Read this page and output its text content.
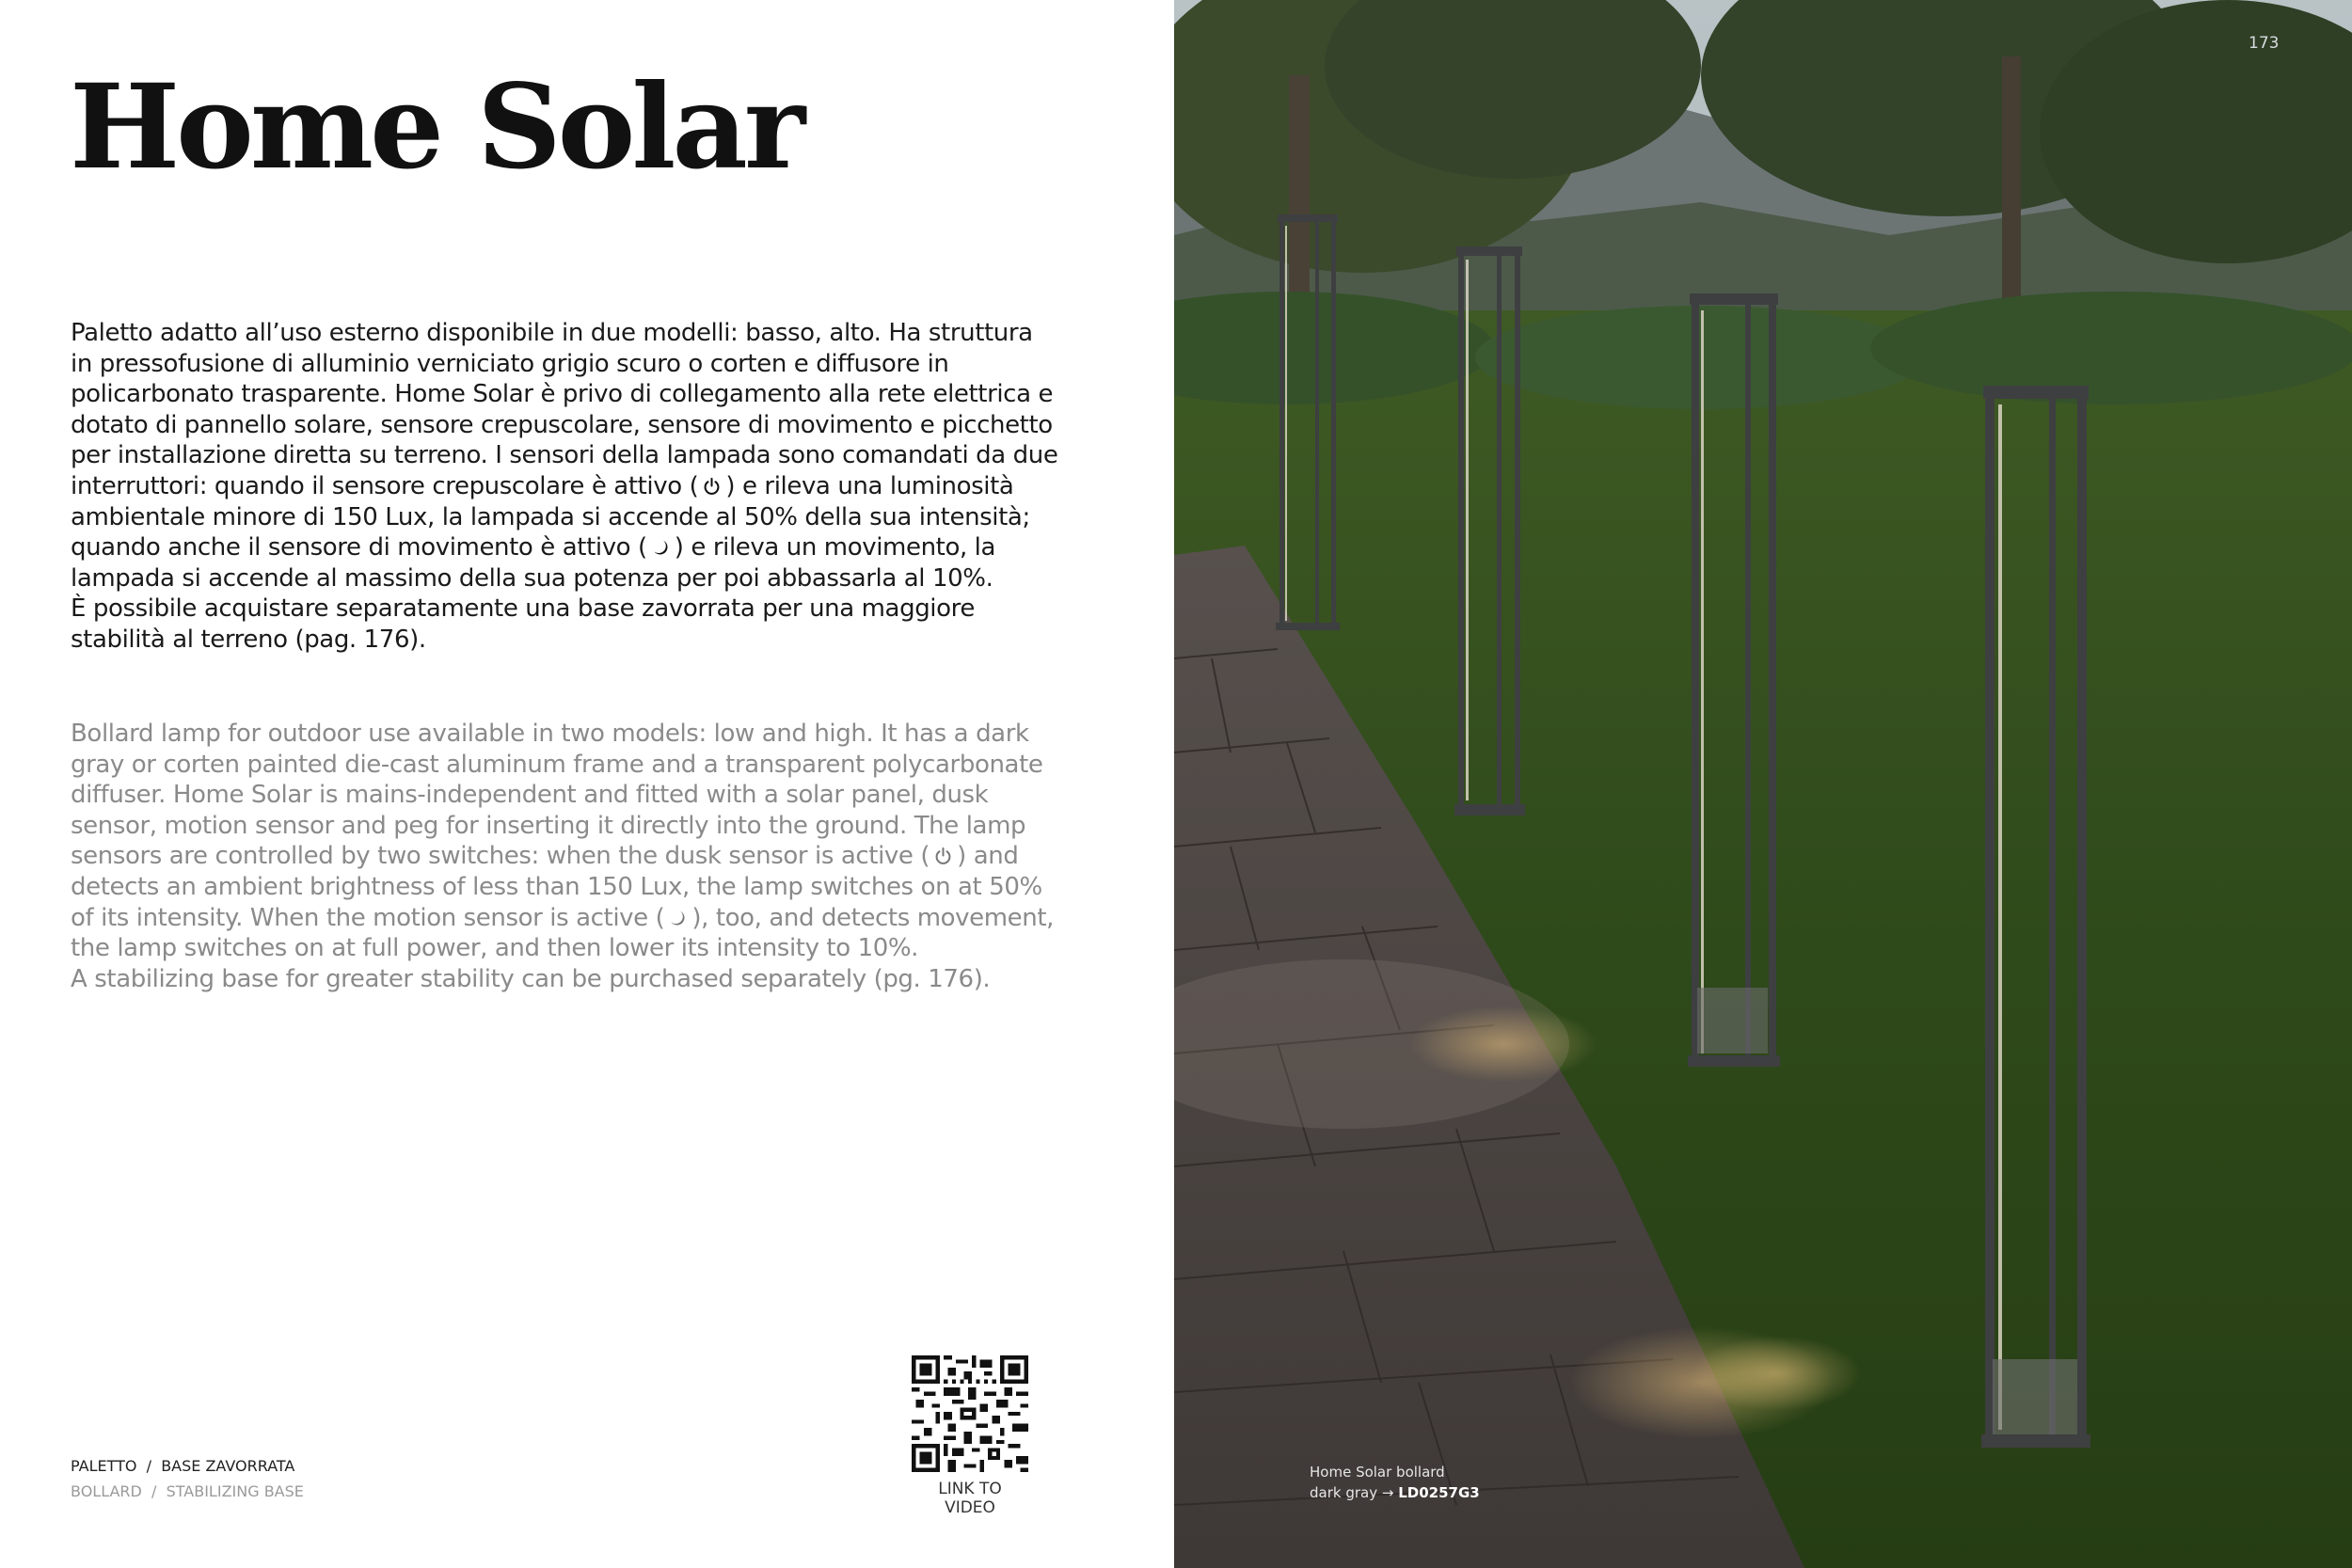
Home Solar

Paletto adatto all’uso esterno disponibile in due modelli: basso, alto. Ha struttura in pressofusione di alluminio verniciato grigio scuro o corten e diffusore in policarbonato trasparente. Home Solar è privo di collegamento alla rete elettrica e dotato di pannello solare, sensore crepuscolare, sensore di movimento e picchetto per installazione diretta su terreno. I sensori della lampada sono comandati da due interruttori: quando il sensore crepuscolare è attivo ( ) e rileva una luminosità ambientale minore di 150 Lux, la lampada si accende al 50% della sua intensità; quando anche il sensore di movimento è attivo ( ) e rileva un movimento, la lampada si accende al massimo della sua potenza per poi abbassarla al 10%.
È possibile acquistare separatamente una base zavorrata per una maggiore stabilità al terreno (pag. 176).

Bollard lamp for outdoor use available in two models: low and high. It has a dark gray or corten painted die-cast aluminum frame and a transparent polycarbonate diffuser. Home Solar is mains-independent and fitted with a solar panel, dusk sensor, motion sensor and peg for inserting it directly into the ground. The lamp sensors are controlled by two switches: when the dusk sensor is active ( ) and detects an ambient brightness of less than 150 Lux, the lamp switches on at 50% of its intensity. When the motion sensor is active ( ), too, and detects movement, the lamp switches on at full power, and then lower its intensity to 10%.
A stabilizing base for greater stability can be purchased separately (pg. 176).

PALETTO  /  BASE ZAVORRATA
BOLLARD  /  STABILIZING BASE	LINK TO VIDEO
173
Home Solar bollard
dark gray → LD0257G3
